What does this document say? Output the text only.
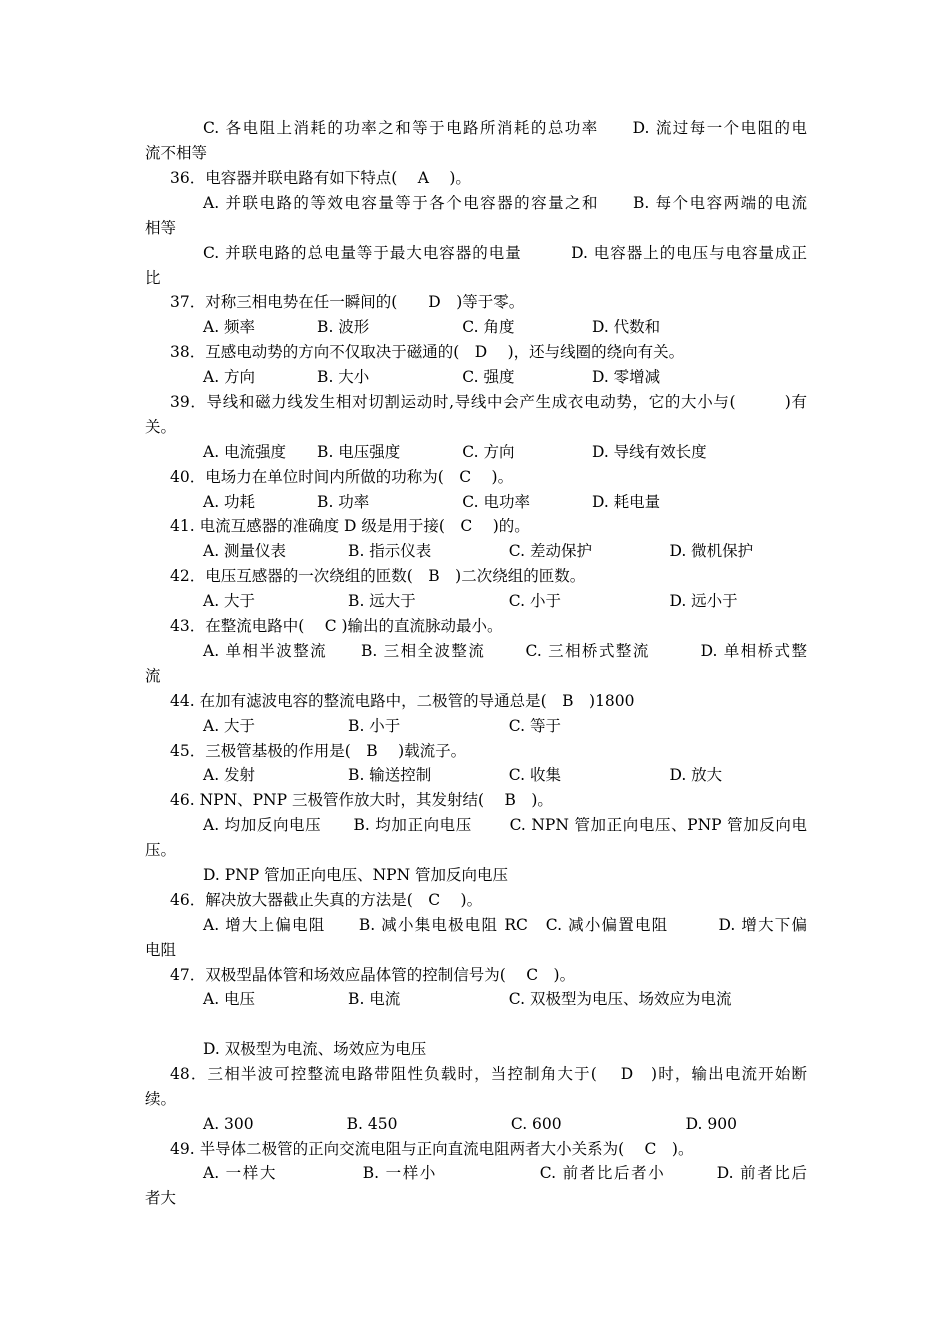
C. 各电阻上消耗的功率之和等于电路所消耗的总功率　　D. 流过每一个电阻的电
流不相等
36．电容器并联电路有如下特点(　 A　 )。
A. 并联电路的等效电容量等于各个电容器的容量之和　　B. 每个电容两端的电流
相等
C. 并联电路的总电量等于最大电容器的电量　　　D. 电容器上的电压与电容量成正
比
37．对称三相电势在任一瞬间的(　　D　)等于零。
A. 频率　　　　B. 波形　　　　　　C. 角度　　　　　D. 代数和
38．互感电动势的方向不仅取决于磁通的(　D　 )，还与线圈的绕向有关。
A. 方向　　　　B. 大小　　　　　　C. 强度　　　　　D. 零增减
39．导线和磁力线发生相对切割运动时,导线中会产生成衣电动势，它的大小与(　　　)有
关。
A. 电流强度　　B. 电压强度　　　　C. 方向　　　　　D. 导线有效长度
40．电场力在单位时间内所做的功称为(　C　 )。
A. 功耗　　　　B. 功率　　　　　　C. 电功率　　　　D. 耗电量
41. 电流互感器的准确度 D 级是用于接(　C　 )的。
A. 测量仪表　　　　B. 指示仪表　　　　　C. 差动保护　　　　　D. 微机保护
42．电压互感器的一次绕组的匝数(　B　)二次绕组的匝数。
A. 大于　　　　　　B. 远大于　　　　　　C. 小于　　　　　　　D. 远小于
43．在整流电路中(　 C )输出的直流脉动最小。
A. 单相半波整流　　B. 三相全波整流　　 C. 三相桥式整流　　　D. 单相桥式整
流
44. 在加有滤波电容的整流电路中，二极管的导通总是(　B　)1800
A. 大于　　　　　　B. 小于　　　　　　　C. 等于
45．三极管基极的作用是(　B　 )载流子。
A. 发射　　　　　　B. 输送控制　　　　　C. 收集　　　　　　　D. 放大
46. NPN、PNP 三极管作放大时，其发射结(　 B　)。
A. 均加反向电压　　B. 均加正向电压　　 C. NPN 管加正向电压、PNP 管加反向电
压。
D. PNP 管加正向电压、NPN 管加反向电压
46．解决放大器截止失真的方法是(　C　 )。
A. 增大上偏电阻　　B. 减小集电极电阻 RC　C. 减小偏置电阻　　　D. 增大下偏
电阻
47．双极型晶体管和场效应晶体管的控制信号为(　 C　)。
A. 电压　　　　　　B. 电流　　　　　　　C. 双极型为电压、场效应为电流
D. 双极型为电流、场效应为电压
48．三相半波可控整流电路带阻性负载时，当控制角大于(　 D　)时，输出电流开始断
续。
A. 300　　　　　　B. 450　　　　　　　 C. 600　　　　　　　　D. 900
49. 半导体二极管的正向交流电阻与正向直流电阻两者大小关系为(　 C　)。
A. 一样大　　　　　B. 一样小　　　　　　C. 前者比后者小　　　D. 前者比后
者大
